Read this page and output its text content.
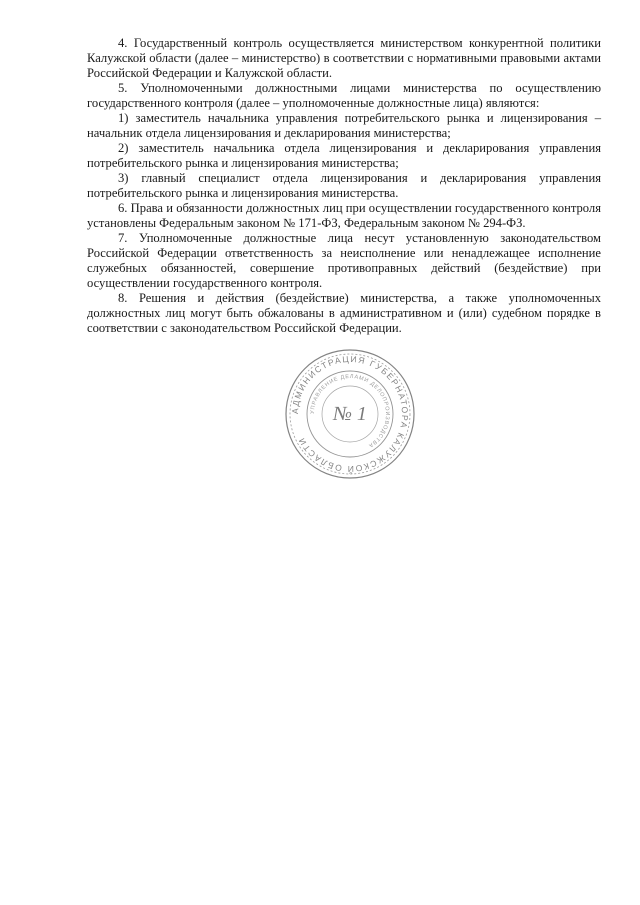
4. Государственный контроль осуществляется министерством конкурентной политики Калужской области (далее – министерство) в соответствии с нормативными правовыми актами Российской Федерации и Калужской области.

5. Уполномоченными должностными лицами министерства по осуществлению государственного контроля (далее – уполномоченные должностные лица) являются:

1) заместитель начальника управления потребительского рынка и лицензирования – начальник отдела лицензирования и декларирования министерства;

2) заместитель начальника отдела лицензирования и декларирования управления потребительского рынка и лицензирования министерства;

3) главный специалист отдела лицензирования и декларирования управления потребительского рынка и лицензирования министерства.

6. Права и обязанности должностных лиц при осуществлении государственного контроля установлены Федеральным законом № 171-ФЗ, Федеральным законом № 294-ФЗ.

7. Уполномоченные должностные лица несут установленную законодательством Российской Федерации ответственность за неисполнение или ненадлежащее исполнение служебных обязанностей, совершение противоправных действий (бездействие) при осуществлении государственного контроля.

8. Решения и действия (бездействие) министерства, а также уполномоченных должностных лиц могут быть обжалованы в административном и (или) судебном порядке в соответствии с законодательством Российской Федерации.

АДМИНИСТРАЦИЯ ГУБЕРНАТОРА КАЛУЖСКОЙ ОБЛАСТИ
УПРАВЛЕНИЕ ДЕЛАМИ ДЕЛОПРОИЗВОДСТВА
№ 1
